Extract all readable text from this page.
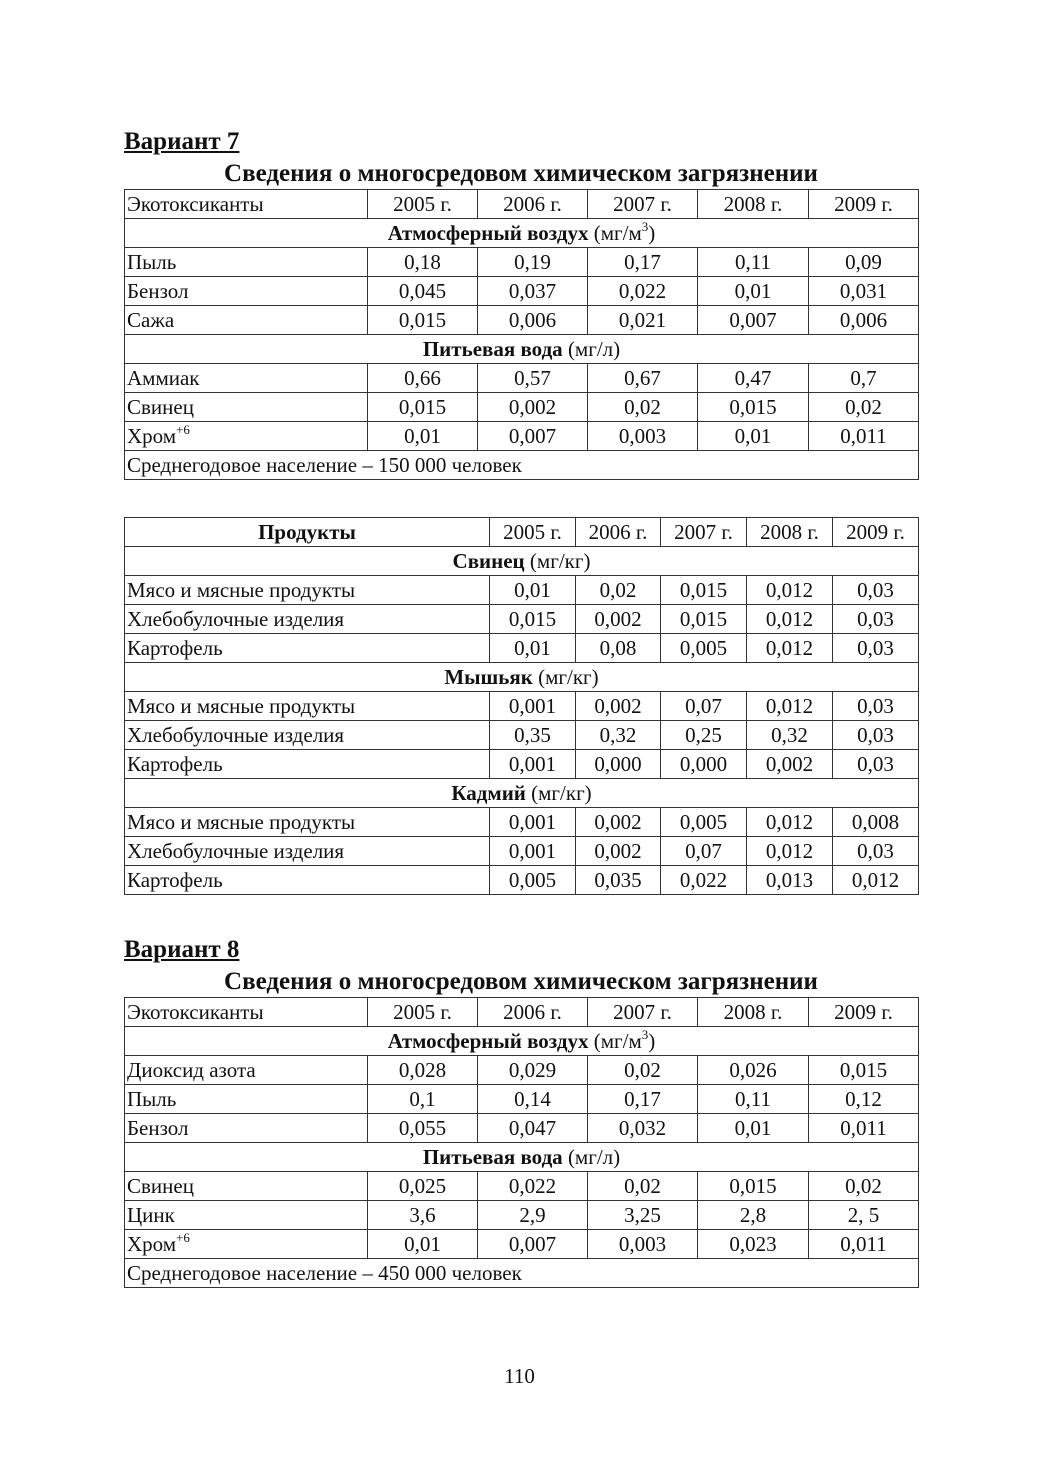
Вариант 7
Сведения о многосредовом химическом загрязнении
Экотоксиканты	2005 г.	2006 г.	2007 г.	2008 г.	2009 г.
Атмосферный воздух $(мг/м^3)$					
Пыль	0,18	0,19	0,17	0,11	0,09
Бензол	0,045	0,037	0,022	0,01	0,031
Сажа	0,015	0,006	0,021	0,007	0,006
Питьевая вода (мг/л)					
Аммиак	0,66	0,57	0,67	0,47	0,7
Свинец	0,015	0,002	0,02	0,015	0,02
Хром$^{+6}$	0,01	0,007	0,003	0,01	0,011
Среднегодовое население – 150 000 человек					
Продукты	2005 г.	2006 г.	2007 г.	2008 г.	2009 г.
Свинец (мг/кг)					
Мясо и мясные продукты	0,01	0,02	0,015	0,012	0,03
Хлебобулочные изделия	0,015	0,002	0,015	0,012	0,03
Картофель	0,01	0,08	0,005	0,012	0,03
Мышьяк (мг/кг)					
Мясо и мясные продукты	0,001	0,002	0,07	0,012	0,03
Хлебобулочные изделия	0,35	0,32	0,25	0,32	0,03
Картофель	0,001	0,000	0,000	0,002	0,03
Кадмий (мг/кг)					
Мясо и мясные продукты	0,001	0,002	0,005	0,012	0,008
Хлебобулочные изделия	0,001	0,002	0,07	0,012	0,03
Картофель	0,005	0,035	0,022	0,013	0,012
Вариант 8
Сведения о многосредовом химическом загрязнении
Экотоксиканты	2005 г.	2006 г.	2007 г.	2008 г.	2009 г.
Атмосферный воздух $(мг/м^3)$					
Диоксид азота	0,028	0,029	0,02	0,026	0,015
Пыль	0,1	0,14	0,17	0,11	0,12
Бензол	0,055	0,047	0,032	0,01	0,011
Питьевая вода (мг/л)					
Свинец	0,025	0,022	0,02	0,015	0,02
Цинк	3,6	2,9	3,25	2,8	2, 5
Хром$^{+6}$	0,01	0,007	0,003	0,023	0,011
Среднегодовое население – 450 000 человек					
110
